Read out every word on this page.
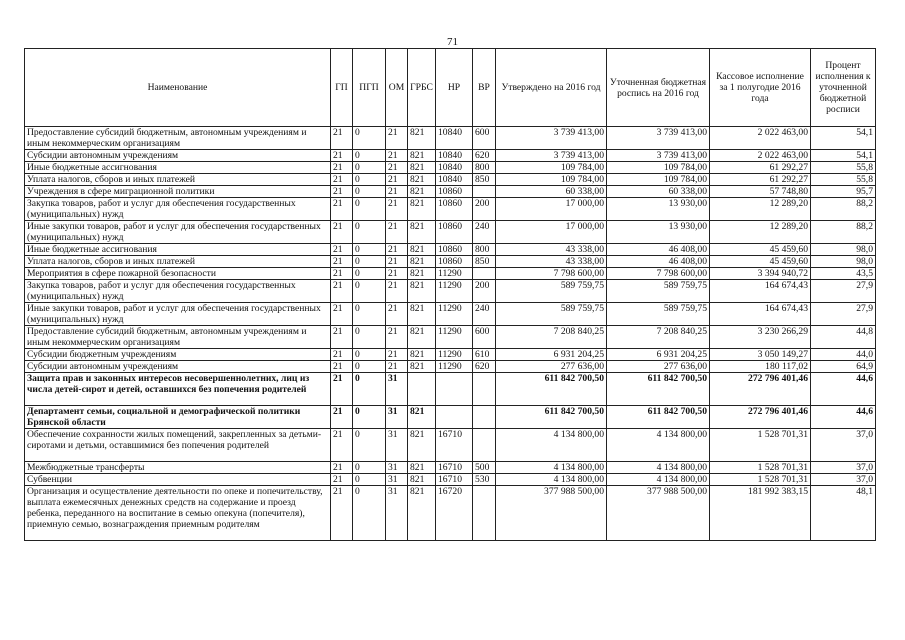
71
Наименование	ГП	ПГП	ОМ	ГРБС	НР	ВР	Утверждено на 2016 год	Уточненная бюджетная роспись на 2016 год	Кассовое исполнение за 1 полугодие 2016 года	Процент исполнения к уточненной бюджетной росписи
Предоставление субсидий бюджетным, автономным учреждениям и иным некоммерческим организациям	21	0	21	821	10840	600	3 739 413,00	3 739 413,00	2 022 463,00	54,1
Субсидии автономным учреждениям	21	0	21	821	10840	620	3 739 413,00	3 739 413,00	2 022 463,00	54,1
Иные бюджетные ассигнования	21	0	21	821	10840	800	109 784,00	109 784,00	61 292,27	55,8
Уплата налогов, сборов и иных платежей	21	0	21	821	10840	850	109 784,00	109 784,00	61 292,27	55,8
Учреждения в сфере миграционной политики	21	0	21	821	10860		60 338,00	60 338,00	57 748,80	95,7
Закупка товаров, работ и услуг для обеспечения государственных (муниципальных) нужд	21	0	21	821	10860	200	17 000,00	13 930,00	12 289,20	88,2
Иные закупки товаров, работ и услуг для обеспечения государственных (муниципальных) нужд	21	0	21	821	10860	240	17 000,00	13 930,00	12 289,20	88,2
Иные бюджетные ассигнования	21	0	21	821	10860	800	43 338,00	46 408,00	45 459,60	98,0
Уплата налогов, сборов и иных платежей	21	0	21	821	10860	850	43 338,00	46 408,00	45 459,60	98,0
Мероприятия в сфере пожарной безопасности	21	0	21	821	11290		7 798 600,00	7 798 600,00	3 394 940,72	43,5
Закупка товаров, работ и услуг для обеспечения государственных (муниципальных) нужд	21	0	21	821	11290	200	589 759,75	589 759,75	164 674,43	27,9
Иные закупки товаров, работ и услуг для обеспечения государственных (муниципальных) нужд	21	0	21	821	11290	240	589 759,75	589 759,75	164 674,43	27,9
Предоставление субсидий бюджетным, автономным учреждениям и иным некоммерческим организациям	21	0	21	821	11290	600	7 208 840,25	7 208 840,25	3 230 266,29	44,8
Субсидии бюджетным учреждениям	21	0	21	821	11290	610	6 931 204,25	6 931 204,25	3 050 149,27	44,0
Субсидии автономным учреждениям	21	0	21	821	11290	620	277 636,00	277 636,00	180 117,02	64,9
Защита прав и законных интересов несовершеннолетних, лиц из числа детей-сирот и детей, оставшихся без попечения родителей	21	0	31				611 842 700,50	611 842 700,50	272 796 401,46	44,6
Департамент семьи, социальной и демографической политики Брянской области	21	0	31	821			611 842 700,50	611 842 700,50	272 796 401,46	44,6
Обеспечение сохранности жилых помещений, закрепленных за детьми-сиротами и детьми, оставшимися без попечения родителей	21	0	31	821	16710		4 134 800,00	4 134 800,00	1 528 701,31	37,0
Межбюджетные трансферты	21	0	31	821	16710	500	4 134 800,00	4 134 800,00	1 528 701,31	37,0
Субвенции	21	0	31	821	16710	530	4 134 800,00	4 134 800,00	1 528 701,31	37,0
Организация и осуществление деятельности по опеке и попечительству, выплата ежемесячных денежных средств на содержание и проезд ребенка, переданного на воспитание в семью опекуна (попечителя), приемную семью, вознаграждения приемным родителям	21	0	31	821	16720		377 988 500,00	377 988 500,00	181 992 383,15	48,1
